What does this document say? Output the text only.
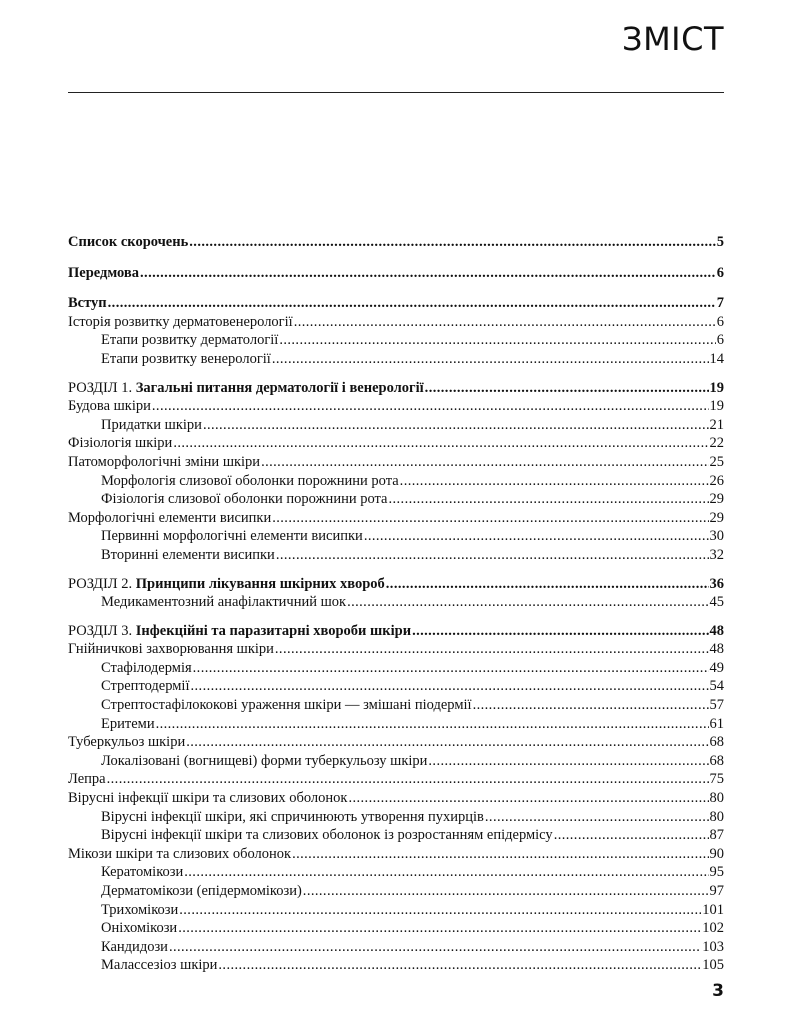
ЗМІСТ
Список скорочень .....	5
Передмова .....	6
Вступ .....	7
Історія розвитку дерматовенерології .....	6
Етапи розвитку дерматології .....	6
Етапи розвитку венерології .....	14
РОЗДІЛ 1. Загальні питання дерматології і венерології .....	19
Будова шкіри .....	19
Придатки шкіри .....	21
Фізіологія шкіри .....	22
Патоморфологічні зміни шкіри .....	25
Морфологія слизової оболонки порожнини рота .....	26
Фізіологія слизової оболонки порожнини рота .....	29
Морфологічні елементи висипки .....	29
Первинні морфологічні елементи висипки .....	30
Вторинні елементи висипки .....	32
РОЗДІЛ 2. Принципи лікування шкірних хвороб .....	36
Медикаментозний анафілактичний шок .....	45
РОЗДІЛ 3. Інфекційні та паразитарні хвороби шкіри .....	48
Гнійничкові захворювання шкіри .....	48
Стафілодермія .....	49
Стрептодермії .....	54
Стрептостафілококові ураження шкіри — змішані піодермії .....	57
Еритеми .....	61
Туберкульоз шкіри .....	68
Локалізовані (вогнищеві) форми туберкульозу шкіри .....	68
Лепра .....	75
Вірусні інфекції шкіри та слизових оболонок .....	80
Вірусні інфекції шкіри, які спричинюють утворення пухирців .....	80
Вірусні інфекції шкіри та слизових оболонок із розростанням епідермісу .....	87
Мікози шкіри та слизових оболонок .....	90
Кератомікози .....	95
Дерматомікози (епідермомікози) .....	97
Трихомікози .....	101
Онiхомікози .....	102
Кандидози .....	103
Малассезіоз шкіри .....	105
3
